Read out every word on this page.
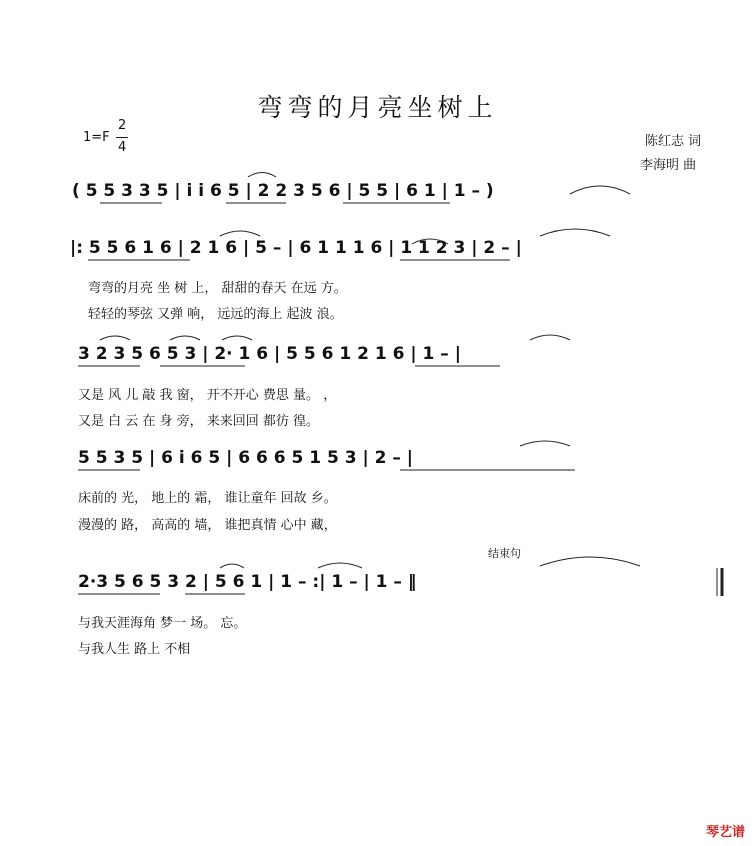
弯弯的月亮坐树上
1=F
2
4	陈红志 词
李海明 曲
( 5 5 3 3 5 | i i 6 5 | 2 2 3 5 6 | 5 5 | 6 1 | 1 – )
|: 5 5 6 1 6 | 2 1 6 | 5 – | 6 1 1 1 6 | 1 1 2 3 | 2 – |
弯弯的月亮 坐 树 上， 甜甜的春天 在远 方。
轻轻的琴弦 又弹 响， 远远的海上 起波 浪。
3 2 3 5 6 5 3 | 2· 1 6 | 5 5 6 1 2 1 6 | 1 – |
又是 风 儿 敲 我 窗， 开不开心 费思 量。 ，
又是 白 云 在 身 旁， 来来回回 都彷 徨。
5 5 3 5 | 6 i 6 5 | 6 6 6 5 1 5 3 | 2 – |
床前的 光， 地上的 霜， 谁让童年 回故 乡。
漫漫的 路， 高高的 墙， 谁把真情 心中 藏，
结束句
2·3 5 6 5 3 2 | 5 6 1 | 1 – :| 1 – | 1 – ‖
与我天涯海角 梦一 场。 忘。
与我人生 路上 不相
琴艺谱
